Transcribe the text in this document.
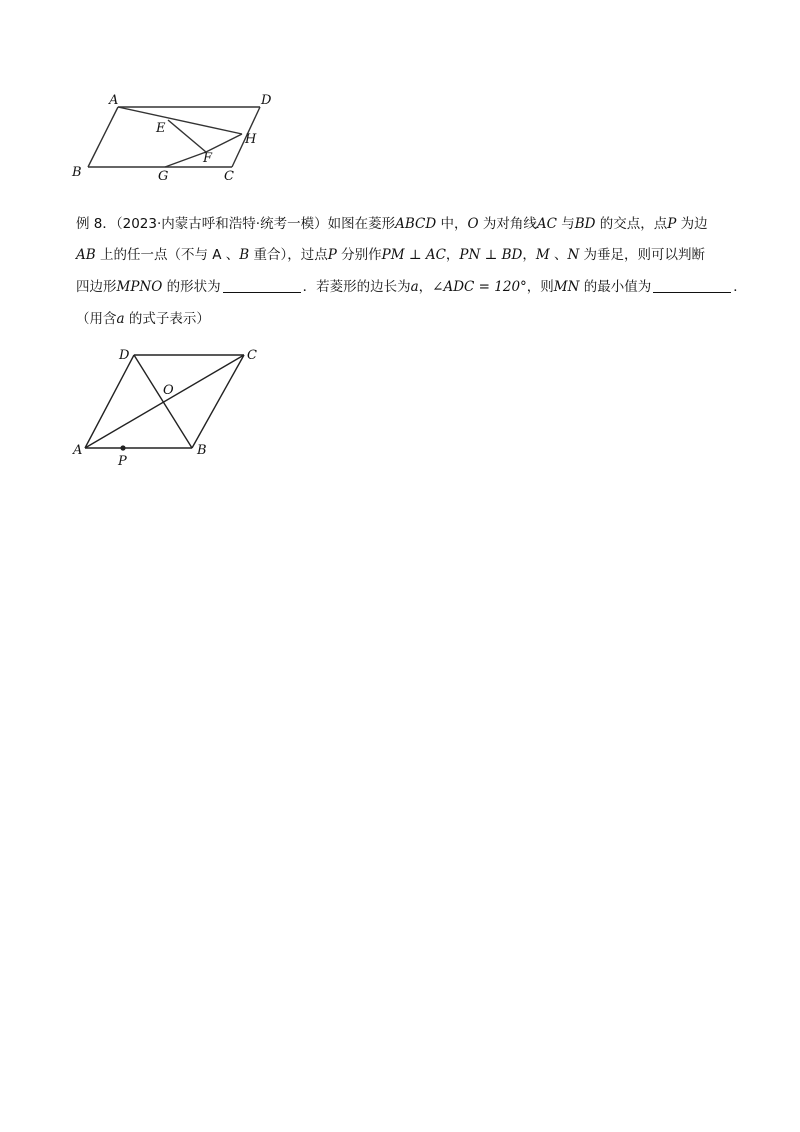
A	D
E
H
F
B	G	C
例 8．（2023·内蒙古呼和浩特·统考一模）如图在菱形ABCD 中，O 为对角线AC 与BD 的交点，点P 为边
AB 上的任一点（不与 A 、B 重合），过点P 分别作PM ⊥ AC，PN ⊥ BD，M 、N 为垂足，则可以判断
四边形MPNO 的形状为	．若菱形的边长为a，∠ADC = 120°，则MN 的最小值为	．
（用含a 的式子表示）
D	C
O
A	B
P
